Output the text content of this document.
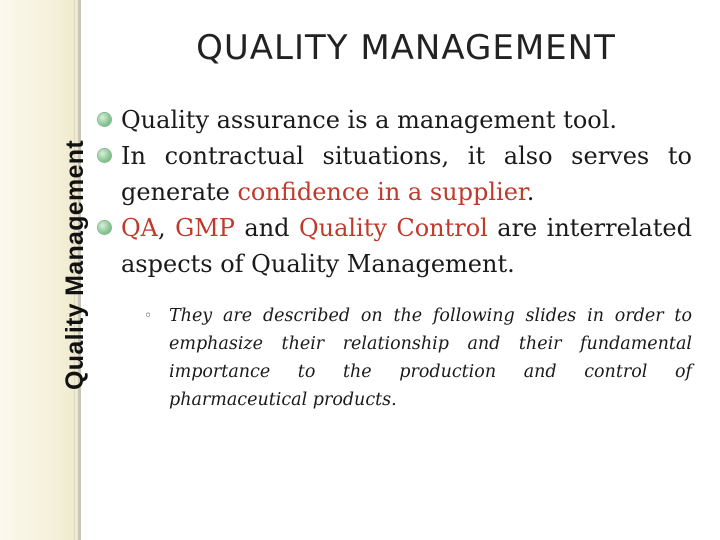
Quality Management
QUALITY MANAGEMENT
Quality assurance is a management tool.
In contractual situations, it also serves to generate confidence in a supplier.
QA, GMP and Quality Control are interrelated aspects of Quality Management.
◦ They are described on the following slides in order to emphasize their relationship and their fundamental importance to the production and control of pharmaceutical products.
